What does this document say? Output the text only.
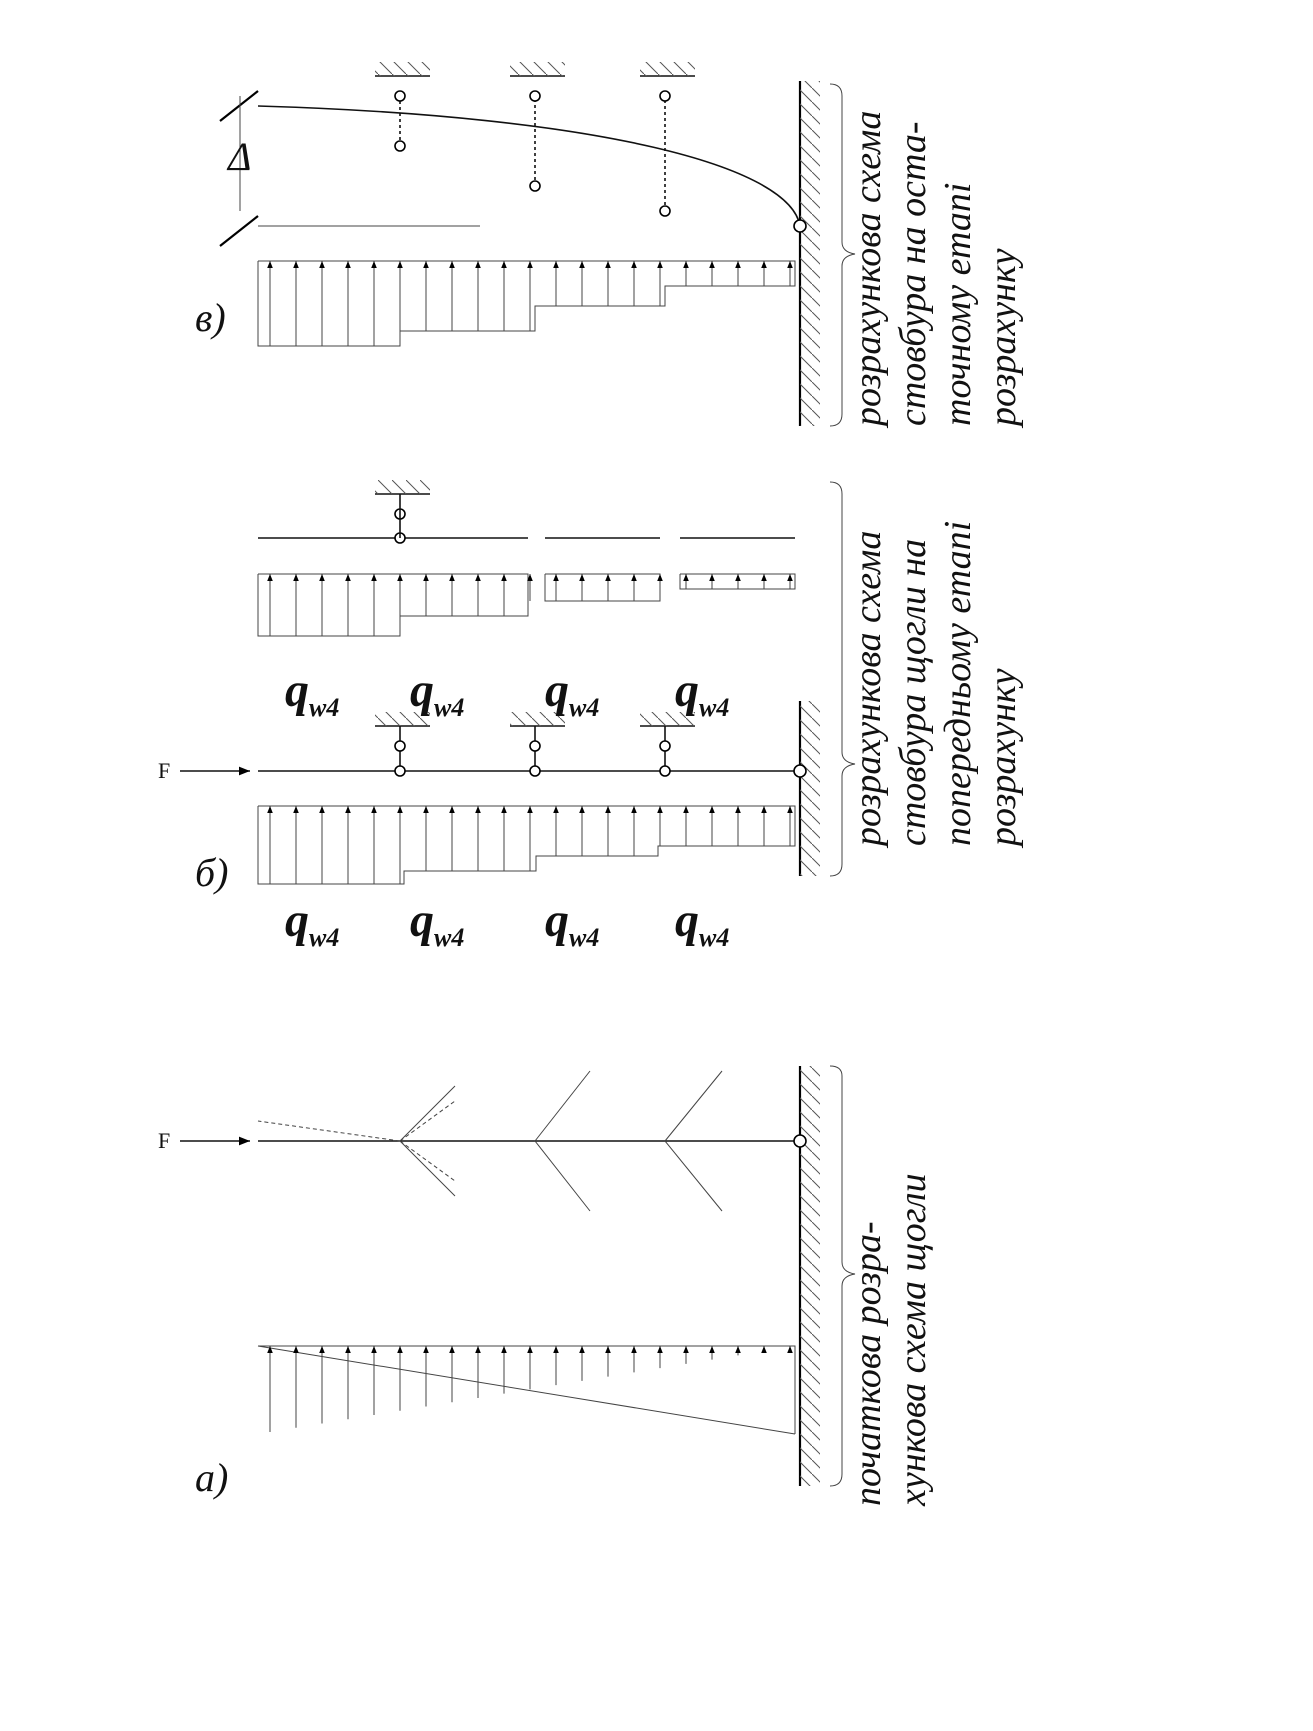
а)
F
початкова розра- хункова схема щогли
б)
F
$q_{w4}$ $q_{w4}$ $q_{w4}$ $q_{w4}$
$q_{w4}$ $q_{w4}$ $q_{w4}$ $q_{w4}$	розрахункова схема стовбура щогли на попередньому етапі розрахунку
в)
Δ	розрахункова схема стовбура на оста- точному етапі розрахунку
